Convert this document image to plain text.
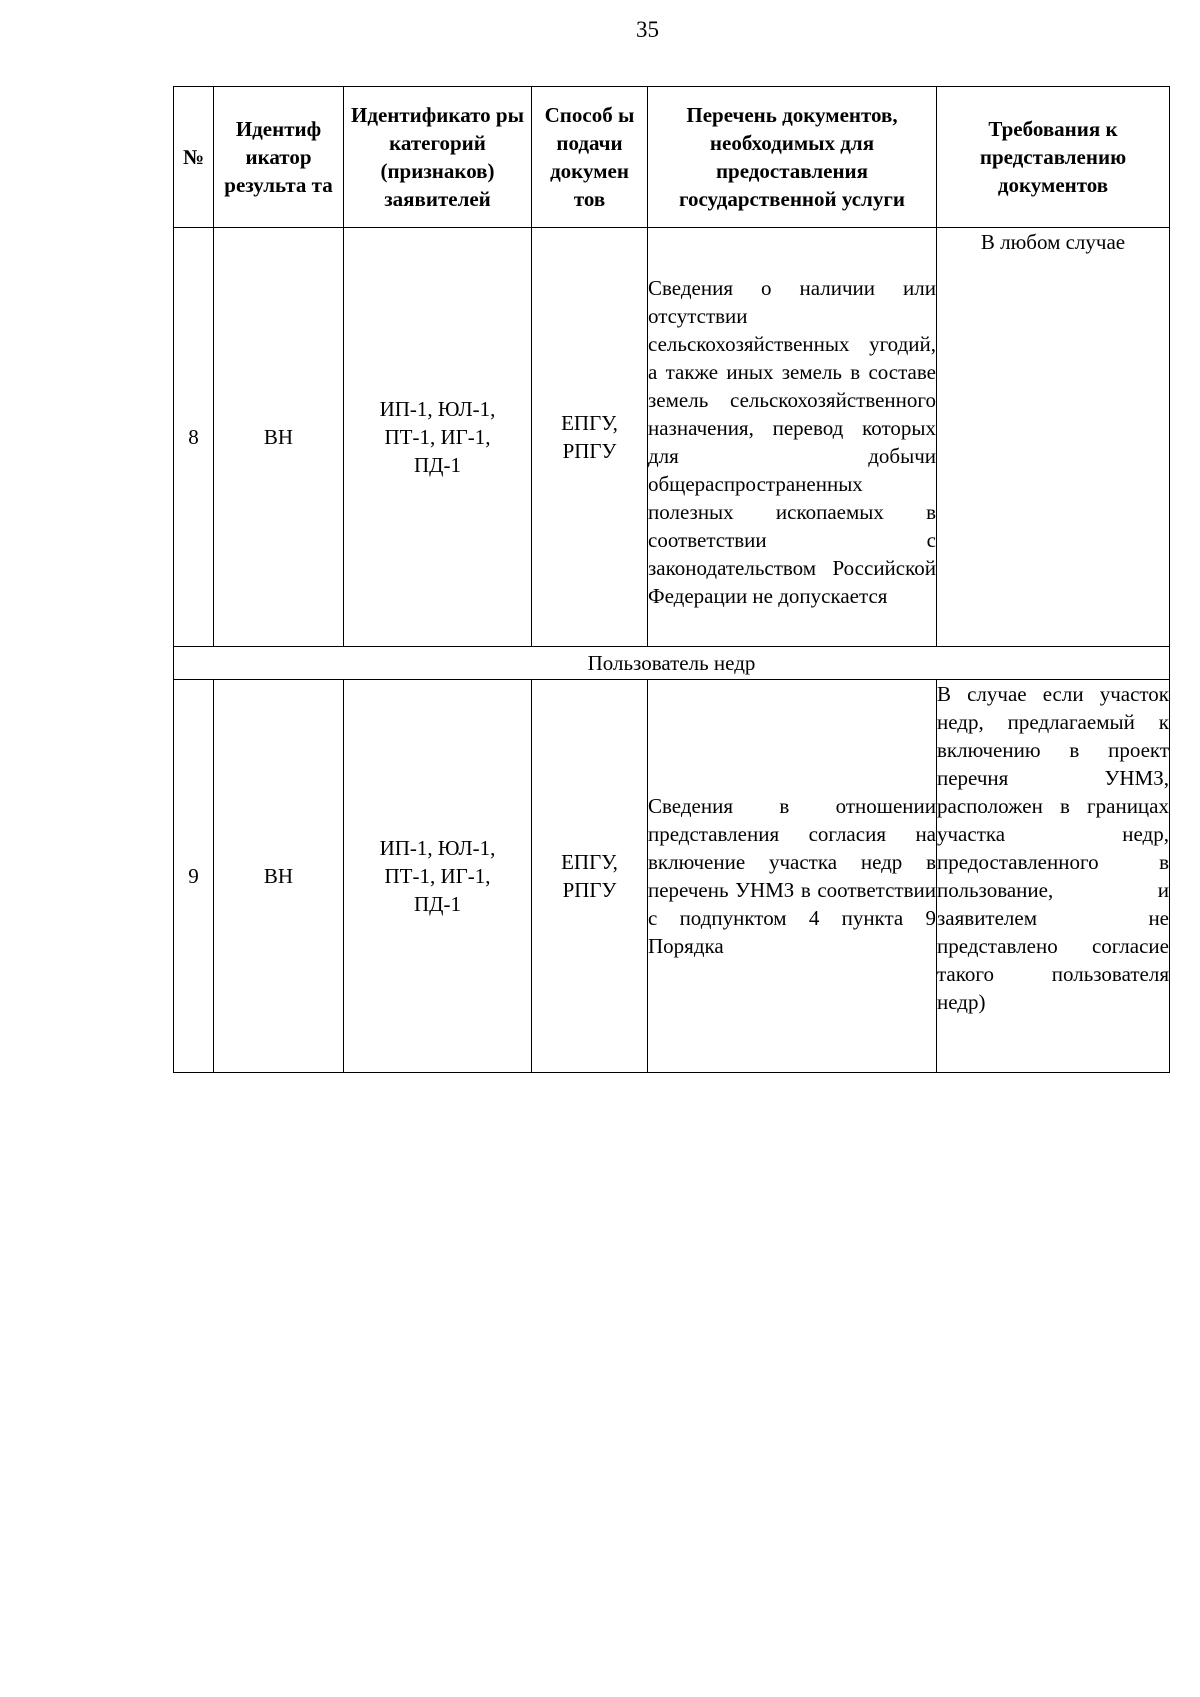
35
№	Идентиф икатор результа та	Идентификато ры категорий (признаков) заявителей	Способ ы подачи докумен тов	Перечень документов, необходимых для предоставления государственной услуги	Требования к представлению документов
8	ВН	ИП-1, ЮЛ-1, ПТ-1, ИГ-1, ПД-1	ЕПГУ, РПГУ	Сведения о наличии или отсутствии сельскохозяйственных угодий, а также иных земель в составе земель сельскохозяйственного назначения, перевод которых для добычи общераспространенных полезных ископаемых в соответствии с законодательством Российской Федерации не допускается	В любом случае
Пользователь недр					
9	ВН	ИП-1, ЮЛ-1, ПТ-1, ИГ-1, ПД-1	ЕПГУ, РПГУ	Сведения в отношении представления согласия на включение участка недр в перечень УНМЗ в соответствии с подпунктом 4 пункта 9 Порядка	В случае если участок недр, предлагаемый к включению в проект перечня УНМЗ, расположен в границах участка недр, предоставленного в пользование, и заявителем не представлено согласие такого пользователя недр)
